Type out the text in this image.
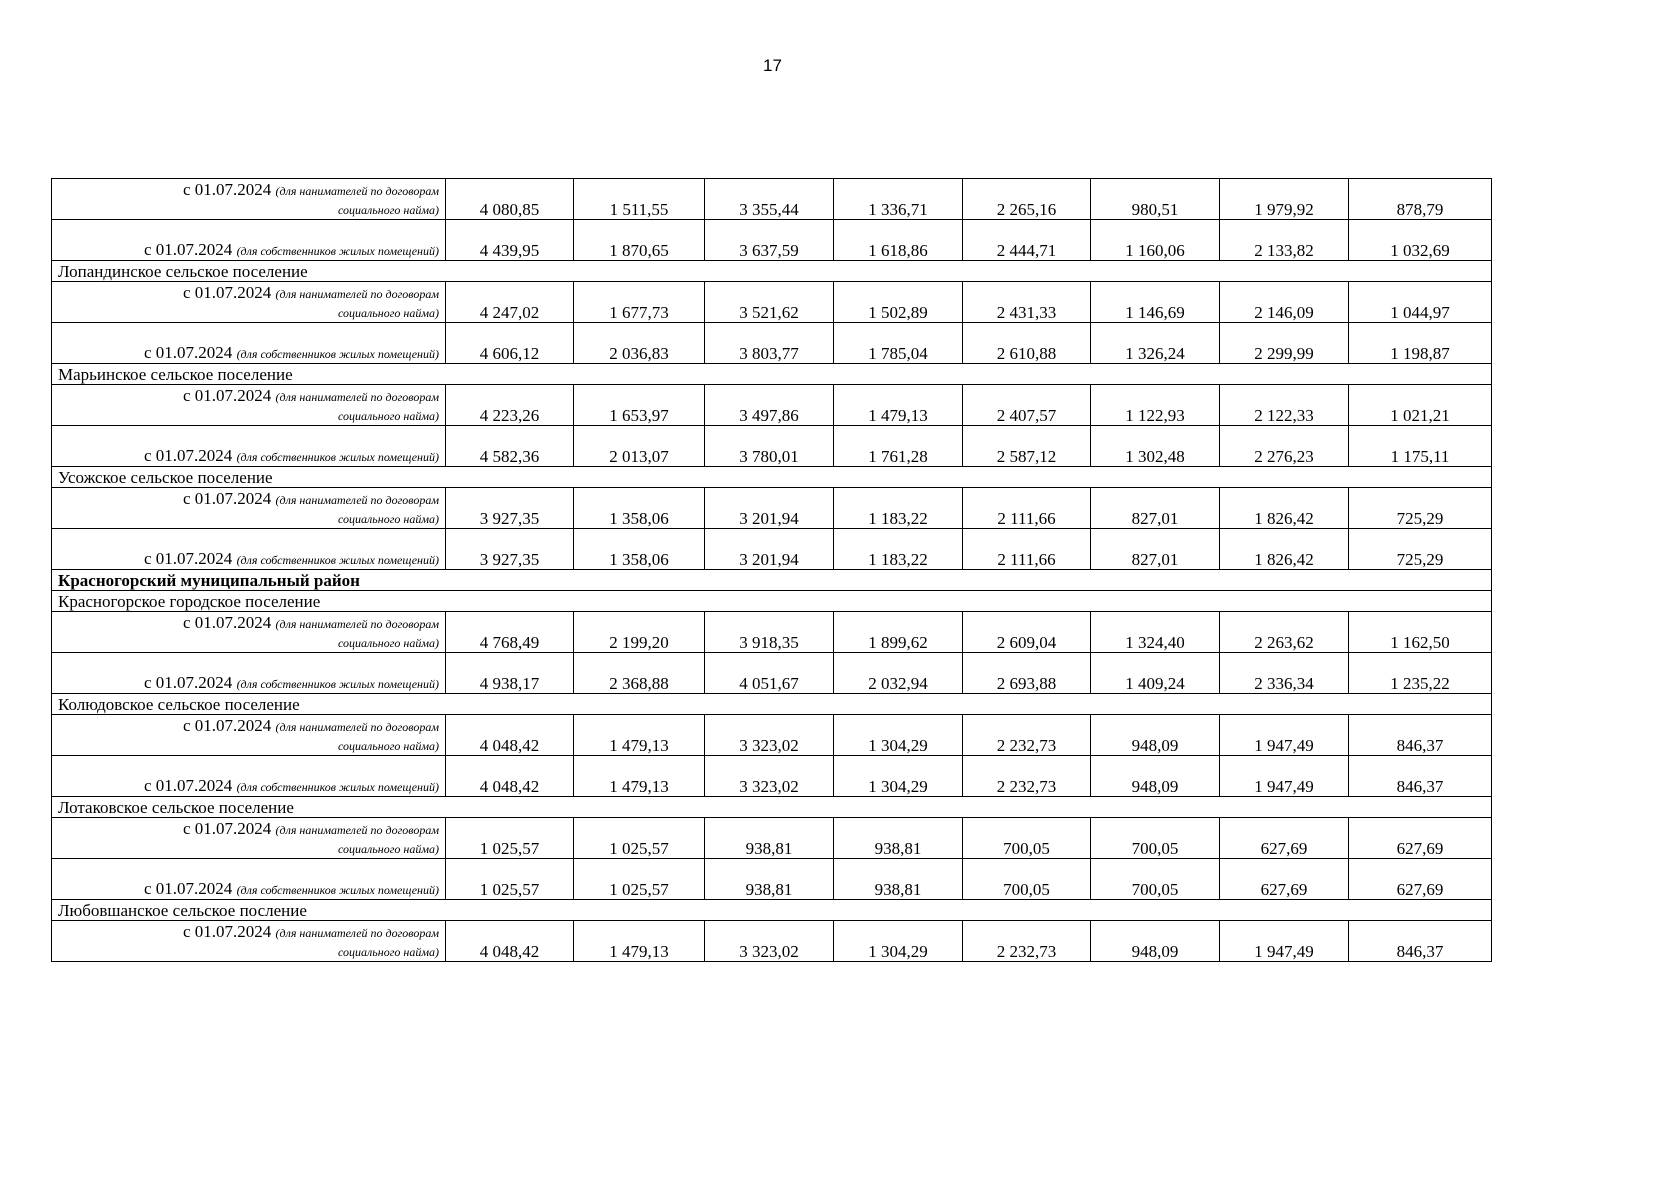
17
с 01.07.2024 (для нанимателей по договорам
социального найма)	4 080,85	1 511,55	3 355,44	1 336,71	2 265,16	980,51	1 979,92	878,79
с 01.07.2024 (для собственников жилых помещений)	4 439,95	1 870,65	3 637,59	1 618,86	2 444,71	1 160,06	2 133,82	1 032,69
Лопандинское сельское поселение								
с 01.07.2024 (для нанимателей по договорам
социального найма)	4 247,02	1 677,73	3 521,62	1 502,89	2 431,33	1 146,69	2 146,09	1 044,97
с 01.07.2024 (для собственников жилых помещений)	4 606,12	2 036,83	3 803,77	1 785,04	2 610,88	1 326,24	2 299,99	1 198,87
Марьинское сельское поселение								
с 01.07.2024 (для нанимателей по договорам
социального найма)	4 223,26	1 653,97	3 497,86	1 479,13	2 407,57	1 122,93	2 122,33	1 021,21
с 01.07.2024 (для собственников жилых помещений)	4 582,36	2 013,07	3 780,01	1 761,28	2 587,12	1 302,48	2 276,23	1 175,11
Усожское сельское поселение								
с 01.07.2024 (для нанимателей по договорам
социального найма)	3 927,35	1 358,06	3 201,94	1 183,22	2 111,66	827,01	1 826,42	725,29
с 01.07.2024 (для собственников жилых помещений)	3 927,35	1 358,06	3 201,94	1 183,22	2 111,66	827,01	1 826,42	725,29
Красногорский муниципальный район								
Красногорское городское поселение								
с 01.07.2024 (для нанимателей по договорам
социального найма)	4 768,49	2 199,20	3 918,35	1 899,62	2 609,04	1 324,40	2 263,62	1 162,50
с 01.07.2024 (для собственников жилых помещений)	4 938,17	2 368,88	4 051,67	2 032,94	2 693,88	1 409,24	2 336,34	1 235,22
Колюдовское сельское поселение								
с 01.07.2024 (для нанимателей по договорам
социального найма)	4 048,42	1 479,13	3 323,02	1 304,29	2 232,73	948,09	1 947,49	846,37
с 01.07.2024 (для собственников жилых помещений)	4 048,42	1 479,13	3 323,02	1 304,29	2 232,73	948,09	1 947,49	846,37
Лотаковское сельское поселение								
с 01.07.2024 (для нанимателей по договорам
социального найма)	1 025,57	1 025,57	938,81	938,81	700,05	700,05	627,69	627,69
с 01.07.2024 (для собственников жилых помещений)	1 025,57	1 025,57	938,81	938,81	700,05	700,05	627,69	627,69
Любовшанское сельское послениe								
с 01.07.2024 (для нанимателей по договорам
социального найма)	4 048,42	1 479,13	3 323,02	1 304,29	2 232,73	948,09	1 947,49	846,37
